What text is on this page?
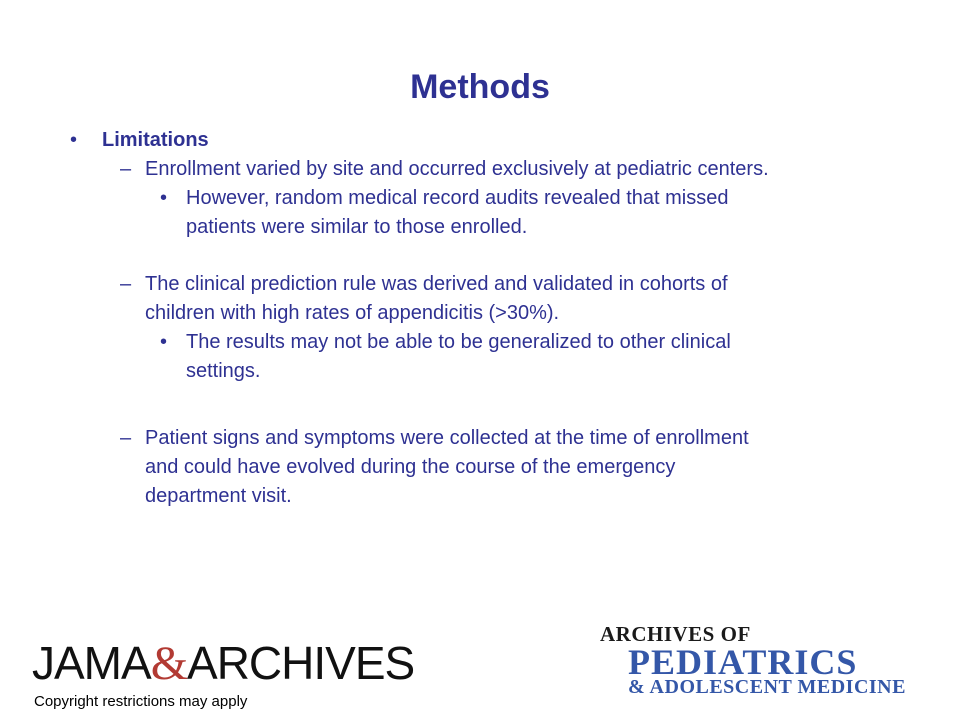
Methods
• Limitations
– Enrollment varied by site and occurred exclusively at pediatric centers.
• However, random medical record audits revealed that missed
patients were similar to those enrolled.
– The clinical prediction rule was derived and validated in cohorts of
children with high rates of appendicitis (>30%).
• The results may not be able to be generalized to other clinical
settings.
– Patient signs and symptoms were collected at the time of enrollment
and could have evolved during the course of the emergency
department visit.
JAMA&ARCHIVES
Copyright restrictions may apply
ARCHIVES OF
PEDIATRICS
& ADOLESCENT MEDICINE
